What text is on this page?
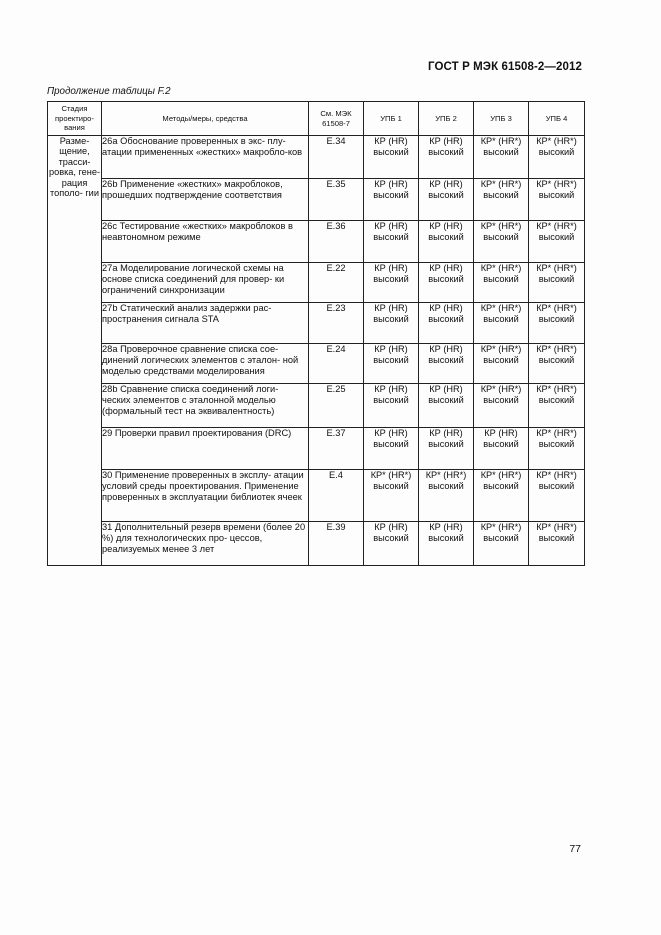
ГОСТ Р МЭК 61508-2—2012
Продолжение таблицы F.2
Стадия проектиро- вания	Методы/меры, средства	См. МЭК 61508-7	УПБ 1	УПБ 2	УПБ 3	УПБ 4
Разме- щение, трасси- ровка, гене- рация тополо- гии	26a Обоснование проверенных в экс- плу-атации примененных «жестких» макробло-ков	E.34	КР (HR) высокий	КР (HR) высокий	КР* (HR*) высокий	КР* (HR*) высокий
	26b Применение «жестких» макроблоков, прошедших подтверждение соответствия	E.35	КР (HR) высокий	КР (HR) высокий	КР* (HR*) высокий	КР* (HR*) высокий
	26c Тестирование «жестких» макроблоков в неавтономном режиме	E.36	КР (HR) высокий	КР (HR) высокий	КР* (HR*) высокий	КР* (HR*) высокий
	27a Моделирование логической схемы на основе списка соединений для провер- ки ограничений синхронизации	E.22	КР (HR) высокий	КР (HR) высокий	КР* (HR*) высокий	КР* (HR*) высокий
	27b Статический анализ задержки рас- пространения сигнала STA	E.23	КР (HR) высокий	КР (HR) высокий	КР* (HR*) высокий	КР* (HR*) высокий
	28a Проверочное сравнение списка сое- динений логических элементов с эталон- ной моделью средствами моделирования	E.24	КР (HR) высокий	КР (HR) высокий	КР* (HR*) высокий	КР* (HR*) высокий
	28b Сравнение списка соединений логи- ческих элементов с эталонной моделью (формальный тест на эквивалентность)	E.25	КР (HR) высокий	КР (HR) высокий	КР* (HR*) высокий	КР* (HR*) высокий
	29 Проверки правил проектирования (DRC)	E.37	КР (HR) высокий	КР (HR) высокий	КР (HR) высокий	КР* (HR*) высокий
	30 Применение проверенных в эксплу- атации условий среды проектирования. Применение проверенных в эксплуатации библиотек ячеек	E.4	КР* (HR*) высокий	КР* (HR*) высокий	КР* (HR*) высокий	КР* (HR*) высокий
	31 Дополнительный резерв времени (более 20 %) для технологических про- цессов, реализуемых менее 3 лет	E.39	КР (HR) высокий	КР (HR) высокий	КР* (HR*) высокий	КР* (HR*) высокий
77
